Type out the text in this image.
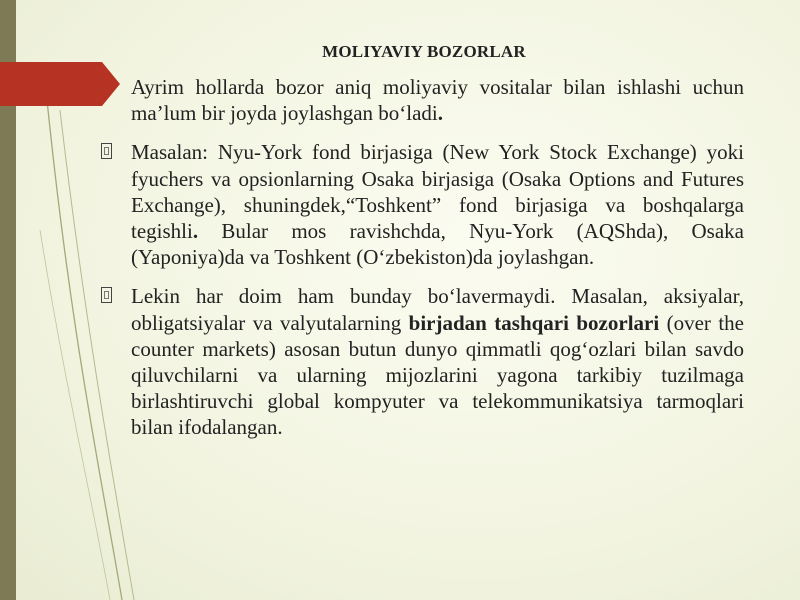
MOLIYAVIY BOZORLAR

Ayrim hollarda bozor aniq moliyaviy vositalar bilan ishlashi uchun maʼlum bir joyda joylashgan boʻladi.

Masalan: Nyu-York fond birjasiga (New York Stock Exchange) yoki fyuchers va opsionlarning Osaka birjasiga (Osaka Options and Futures Exchange), shuningdek,“Toshkent” fond birjasiga va boshqalarga tegishli. Bular mos ravishchda, Nyu-York (AQShda), Osaka (Yaponiya)da va Toshkent (Oʻzbekiston)da joylashgan.

Lekin har doim ham bunday boʻlavermaydi. Masalan, aksiyalar, obligatsiyalar va valyutalarning birjadan tashqari bozorlari (over the counter markets) asosan butun dunyo qimmatli qogʻozlari bilan savdo qiluvchilarni va ularning mijozlarini yagona tarkibiy tuzilmaga birlashtiruvchi global kompyuter va telekommunikatsiya tarmoqlari bilan ifodalangan.
